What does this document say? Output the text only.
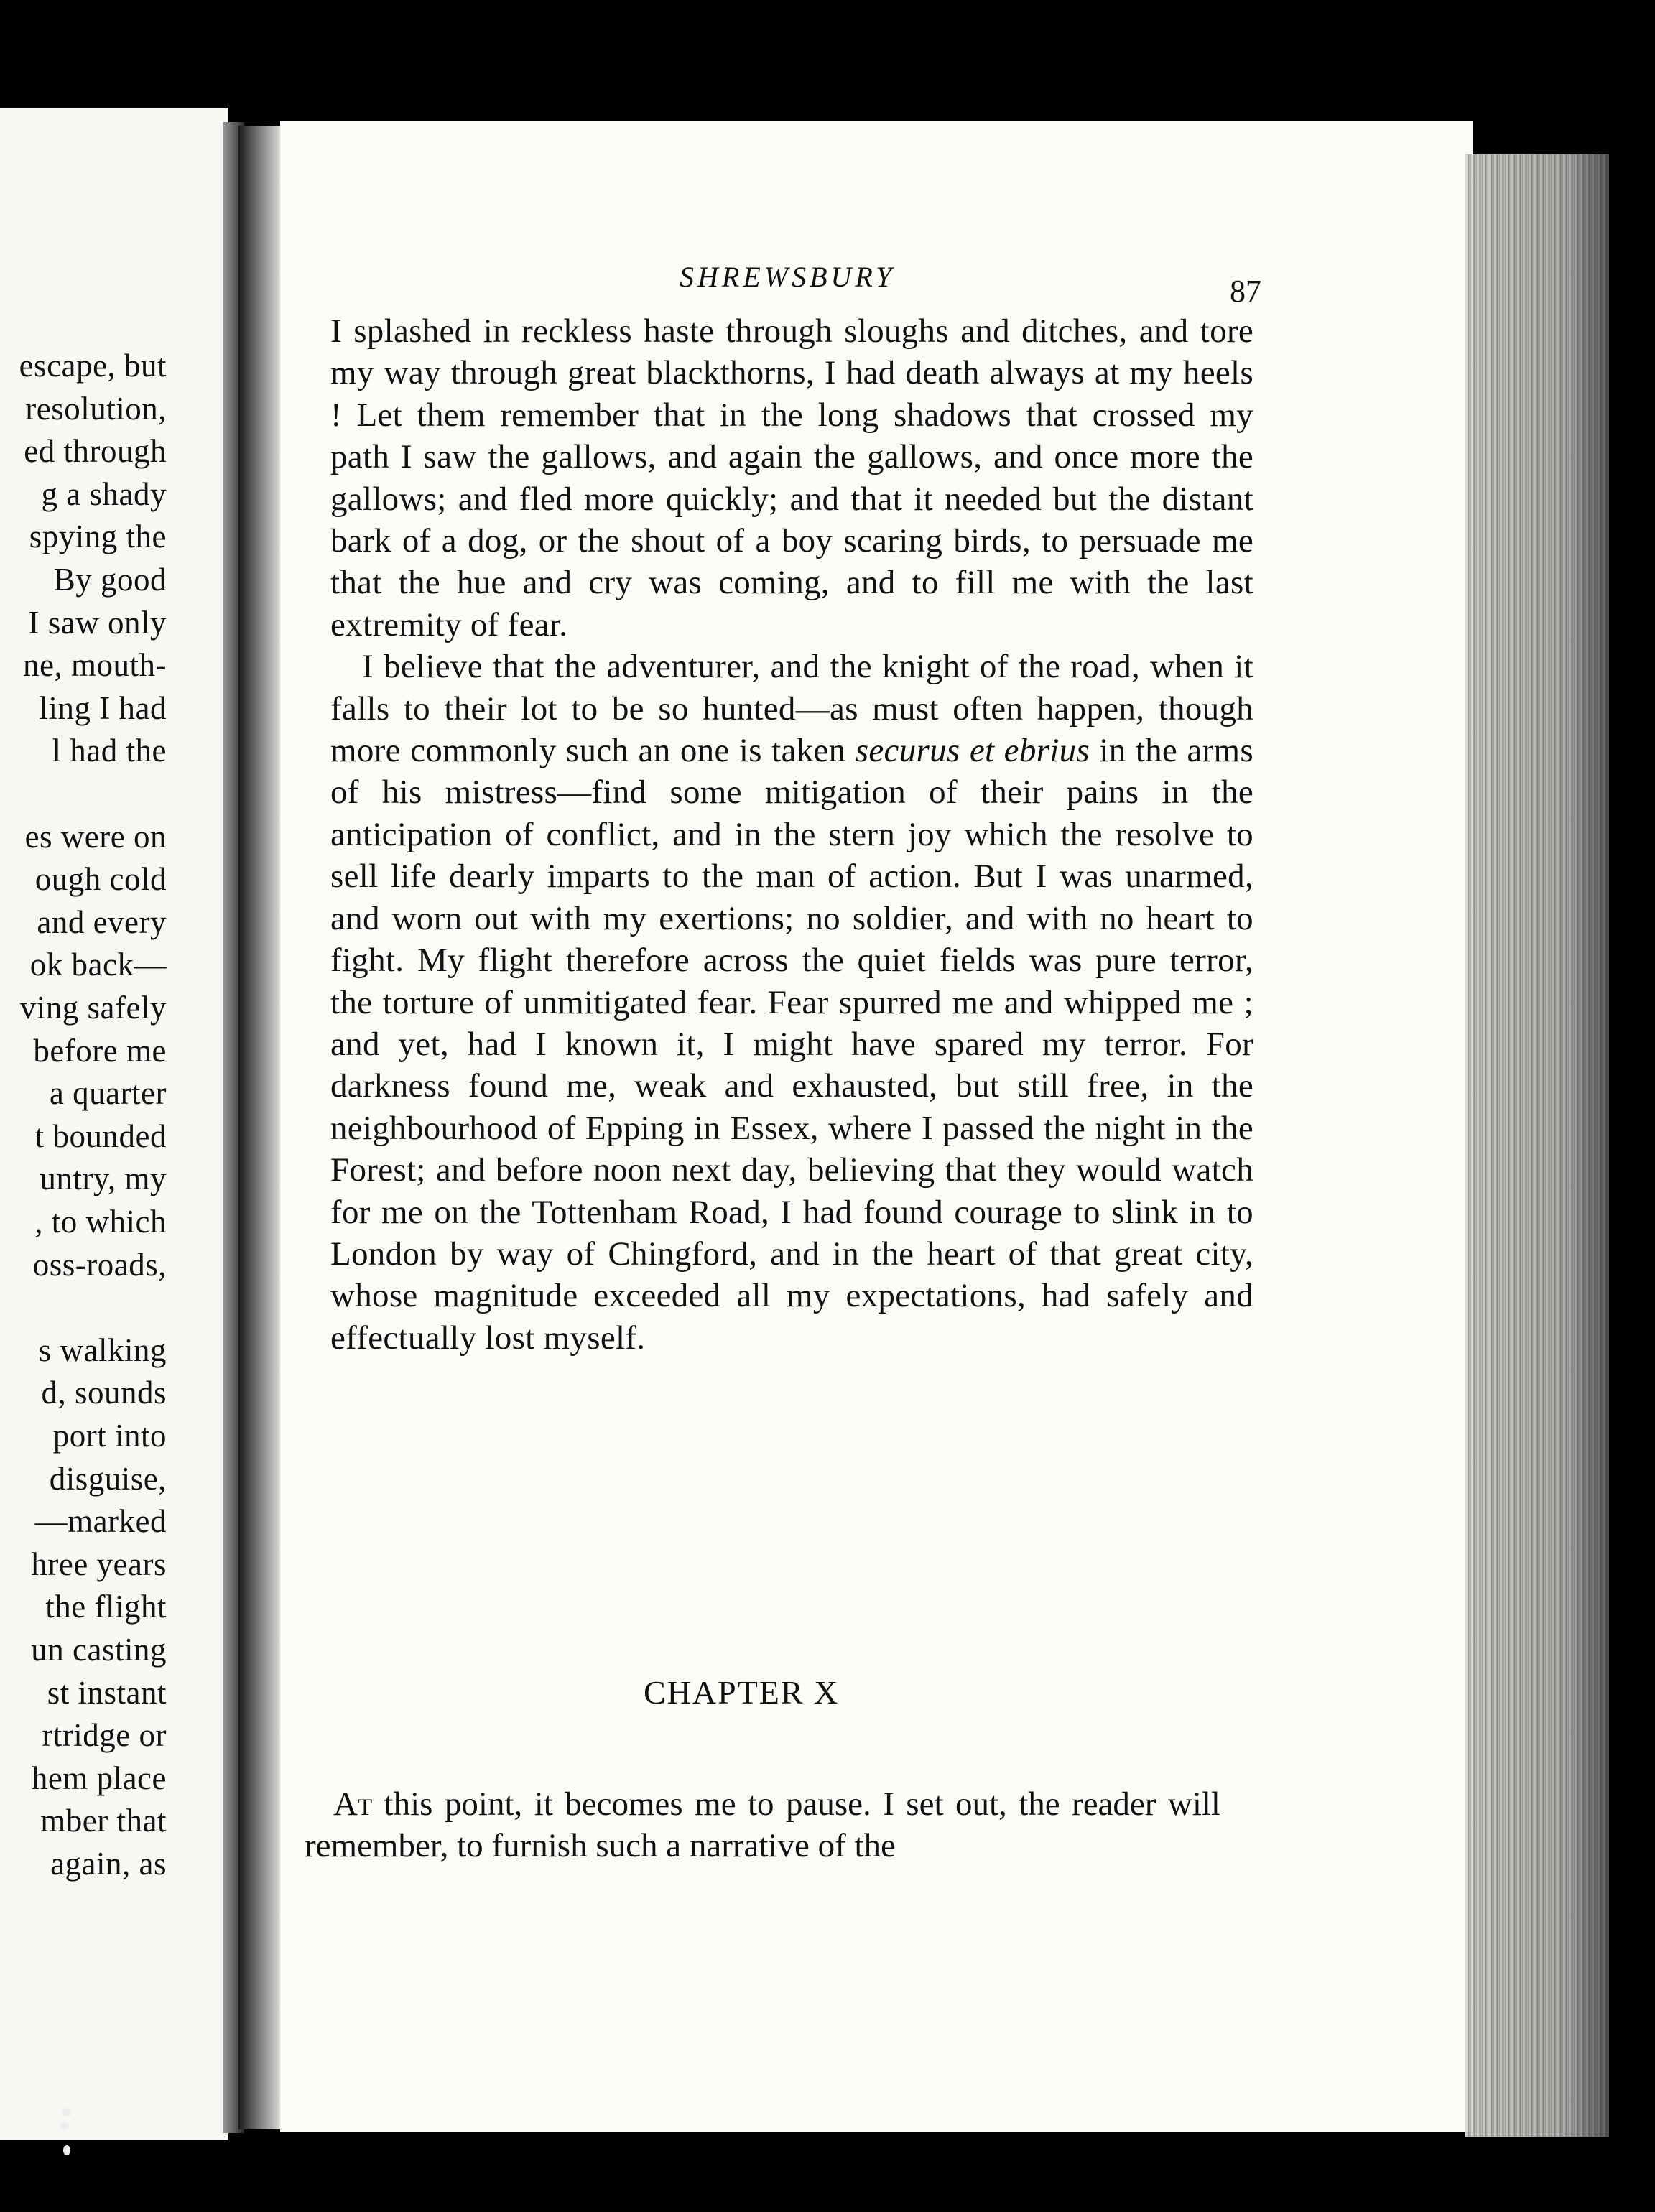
escape, but
resolution,
ed through
g a shady
spying the
By good
I saw only
ne, mouth-
ling I had
l had the
es were on
ough cold
and every
ok back—
ving safely
before me
a quarter
t bounded
untry, my
, to which
oss-roads,
s walking
d, sounds
port into
disguise,
—marked
hree years
the flight
un casting
st instant
rtridge or
hem place
mber that
again, as
SHREWSBURY	87

I splashed in reckless haste through sloughs and ditches, and tore my way through great blackthorns, I had death always at my heels ! Let them remember that in the long shadows that crossed my path I saw the gallows, and again the gallows, and once more the gallows; and fled more quickly; and that it needed but the distant bark of a dog, or the shout of a boy scaring birds, to persuade me that the hue and cry was coming, and to fill me with the last extremity of fear.

I believe that the adventurer, and the knight of the road, when it falls to their lot to be so hunted—as must often happen, though more commonly such an one is taken securus et ebrius in the arms of his mistress—find some mitigation of their pains in the anticipation of conflict, and in the stern joy which the resolve to sell life dearly imparts to the man of action. But I was unarmed, and worn out with my exertions; no soldier, and with no heart to fight. My flight therefore across the quiet fields was pure terror, the torture of unmitigated fear. Fear spurred me and whipped me ; and yet, had I known it, I might have spared my terror. For darkness found me, weak and exhausted, but still free, in the neighbourhood of Epping in Essex, where I passed the night in the Forest; and before noon next day, believing that they would watch for me on the Tottenham Road, I had found courage to slink in to London by way of Chingford, and in the heart of that great city, whose magnitude exceeded all my expectations, had safely and effectually lost myself.

CHAPTER X
At this point, it becomes me to pause. I set out, the reader will remember, to furnish such a narrative of the
